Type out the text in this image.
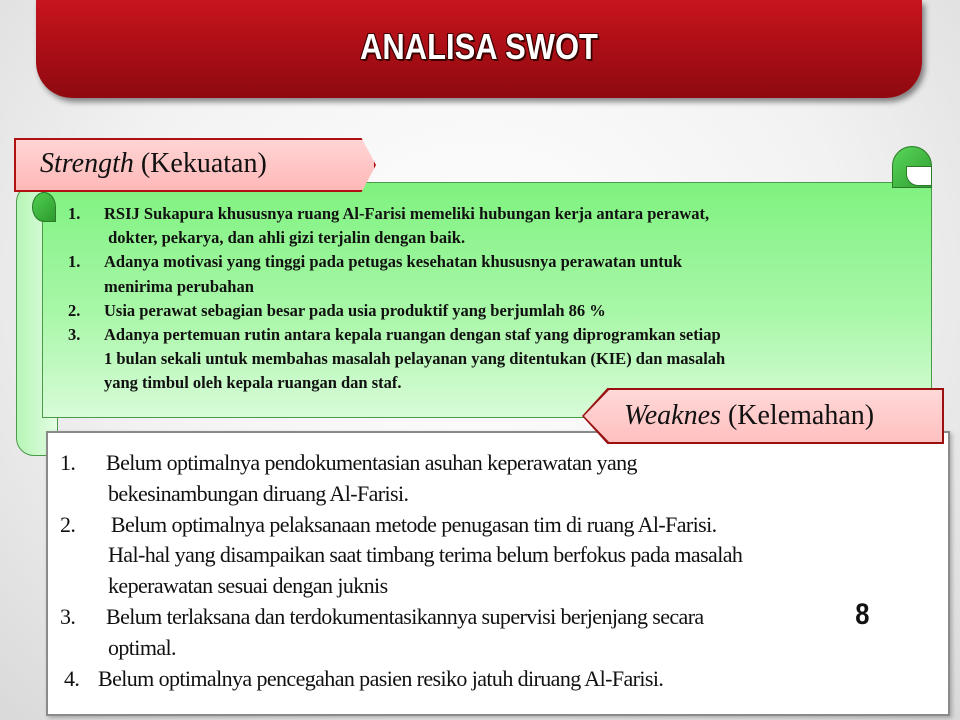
ANALISA SWOT
Strength (Kekuatan)
1.	RSIJ Sukapura khususnya ruang Al-Farisi memeliki hubungan kerja antara perawat,
dokter, pekarya, dan ahli gizi terjalin dengan baik.
1.	Adanya motivasi yang tinggi pada petugas kesehatan khususnya perawatan untuk
menirima perubahan
2.	Usia perawat sebagian besar pada usia produktif yang berjumlah 86 %
3.	Adanya pertemuan rutin antara kepala ruangan dengan staf yang diprogramkan setiap
1 bulan sekali untuk membahas masalah pelayanan yang ditentukan (KIE) dan masalah
yang timbul oleh kepala ruangan dan staf.
Weaknes (Kelemahan)
1. Belum optimalnya pendokumentasian asuhan keperawatan yang
bekesinambungan diruang Al-Farisi.
2. Belum optimalnya pelaksanaan metode penugasan tim di ruang Al-Farisi.
Hal-hal yang disampaikan saat timbang terima belum berfokus pada masalah
keperawatan sesuai dengan juknis
3. Belum terlaksana dan terdokumentasikannya supervisi berjenjang secara
optimal.
4. Belum optimalnya pencegahan pasien resiko jatuh diruang Al-Farisi.
8
